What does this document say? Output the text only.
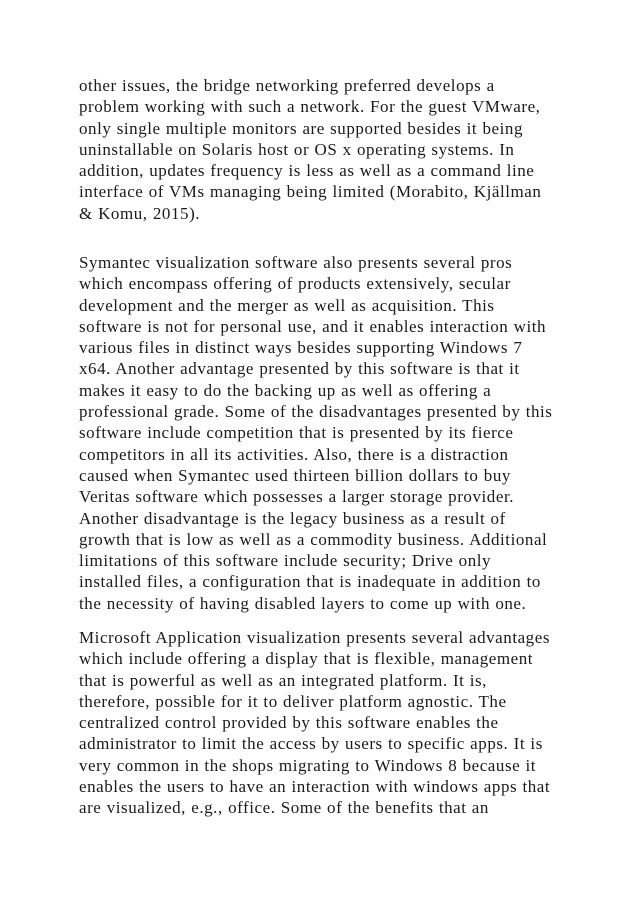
other issues, the bridge networking preferred develops a
problem working with such a network. For the guest VMware,
only single multiple monitors are supported besides it being
uninstallable on Solaris host or OS x operating systems. In
addition, updates frequency is less as well as a command line
interface of VMs managing being limited (Morabito, Kjällman
& Komu, 2015).

Symantec visualization software also presents several pros
which encompass offering of products extensively, secular
development and the merger as well as acquisition. This
software is not for personal use, and it enables interaction with
various files in distinct ways besides supporting Windows 7
x64. Another advantage presented by this software is that it
makes it easy to do the backing up as well as offering a
professional grade. Some of the disadvantages presented by this
software include competition that is presented by its fierce
competitors in all its activities. Also, there is a distraction
caused when Symantec used thirteen billion dollars to buy
Veritas software which possesses a larger storage provider.
Another disadvantage is the legacy business as a result of
growth that is low as well as a commodity business. Additional
limitations of this software include security; Drive only
installed files, a configuration that is inadequate in addition to
the necessity of having disabled layers to come up with one.

Microsoft Application visualization presents several advantages
which include offering a display that is flexible, management
that is powerful as well as an integrated platform. It is,
therefore, possible for it to deliver platform agnostic. The
centralized control provided by this software enables the
administrator to limit the access by users to specific apps. It is
very common in the shops migrating to Windows 8 because it
enables the users to have an interaction with windows apps that
are visualized, e.g., office. Some of the benefits that an
